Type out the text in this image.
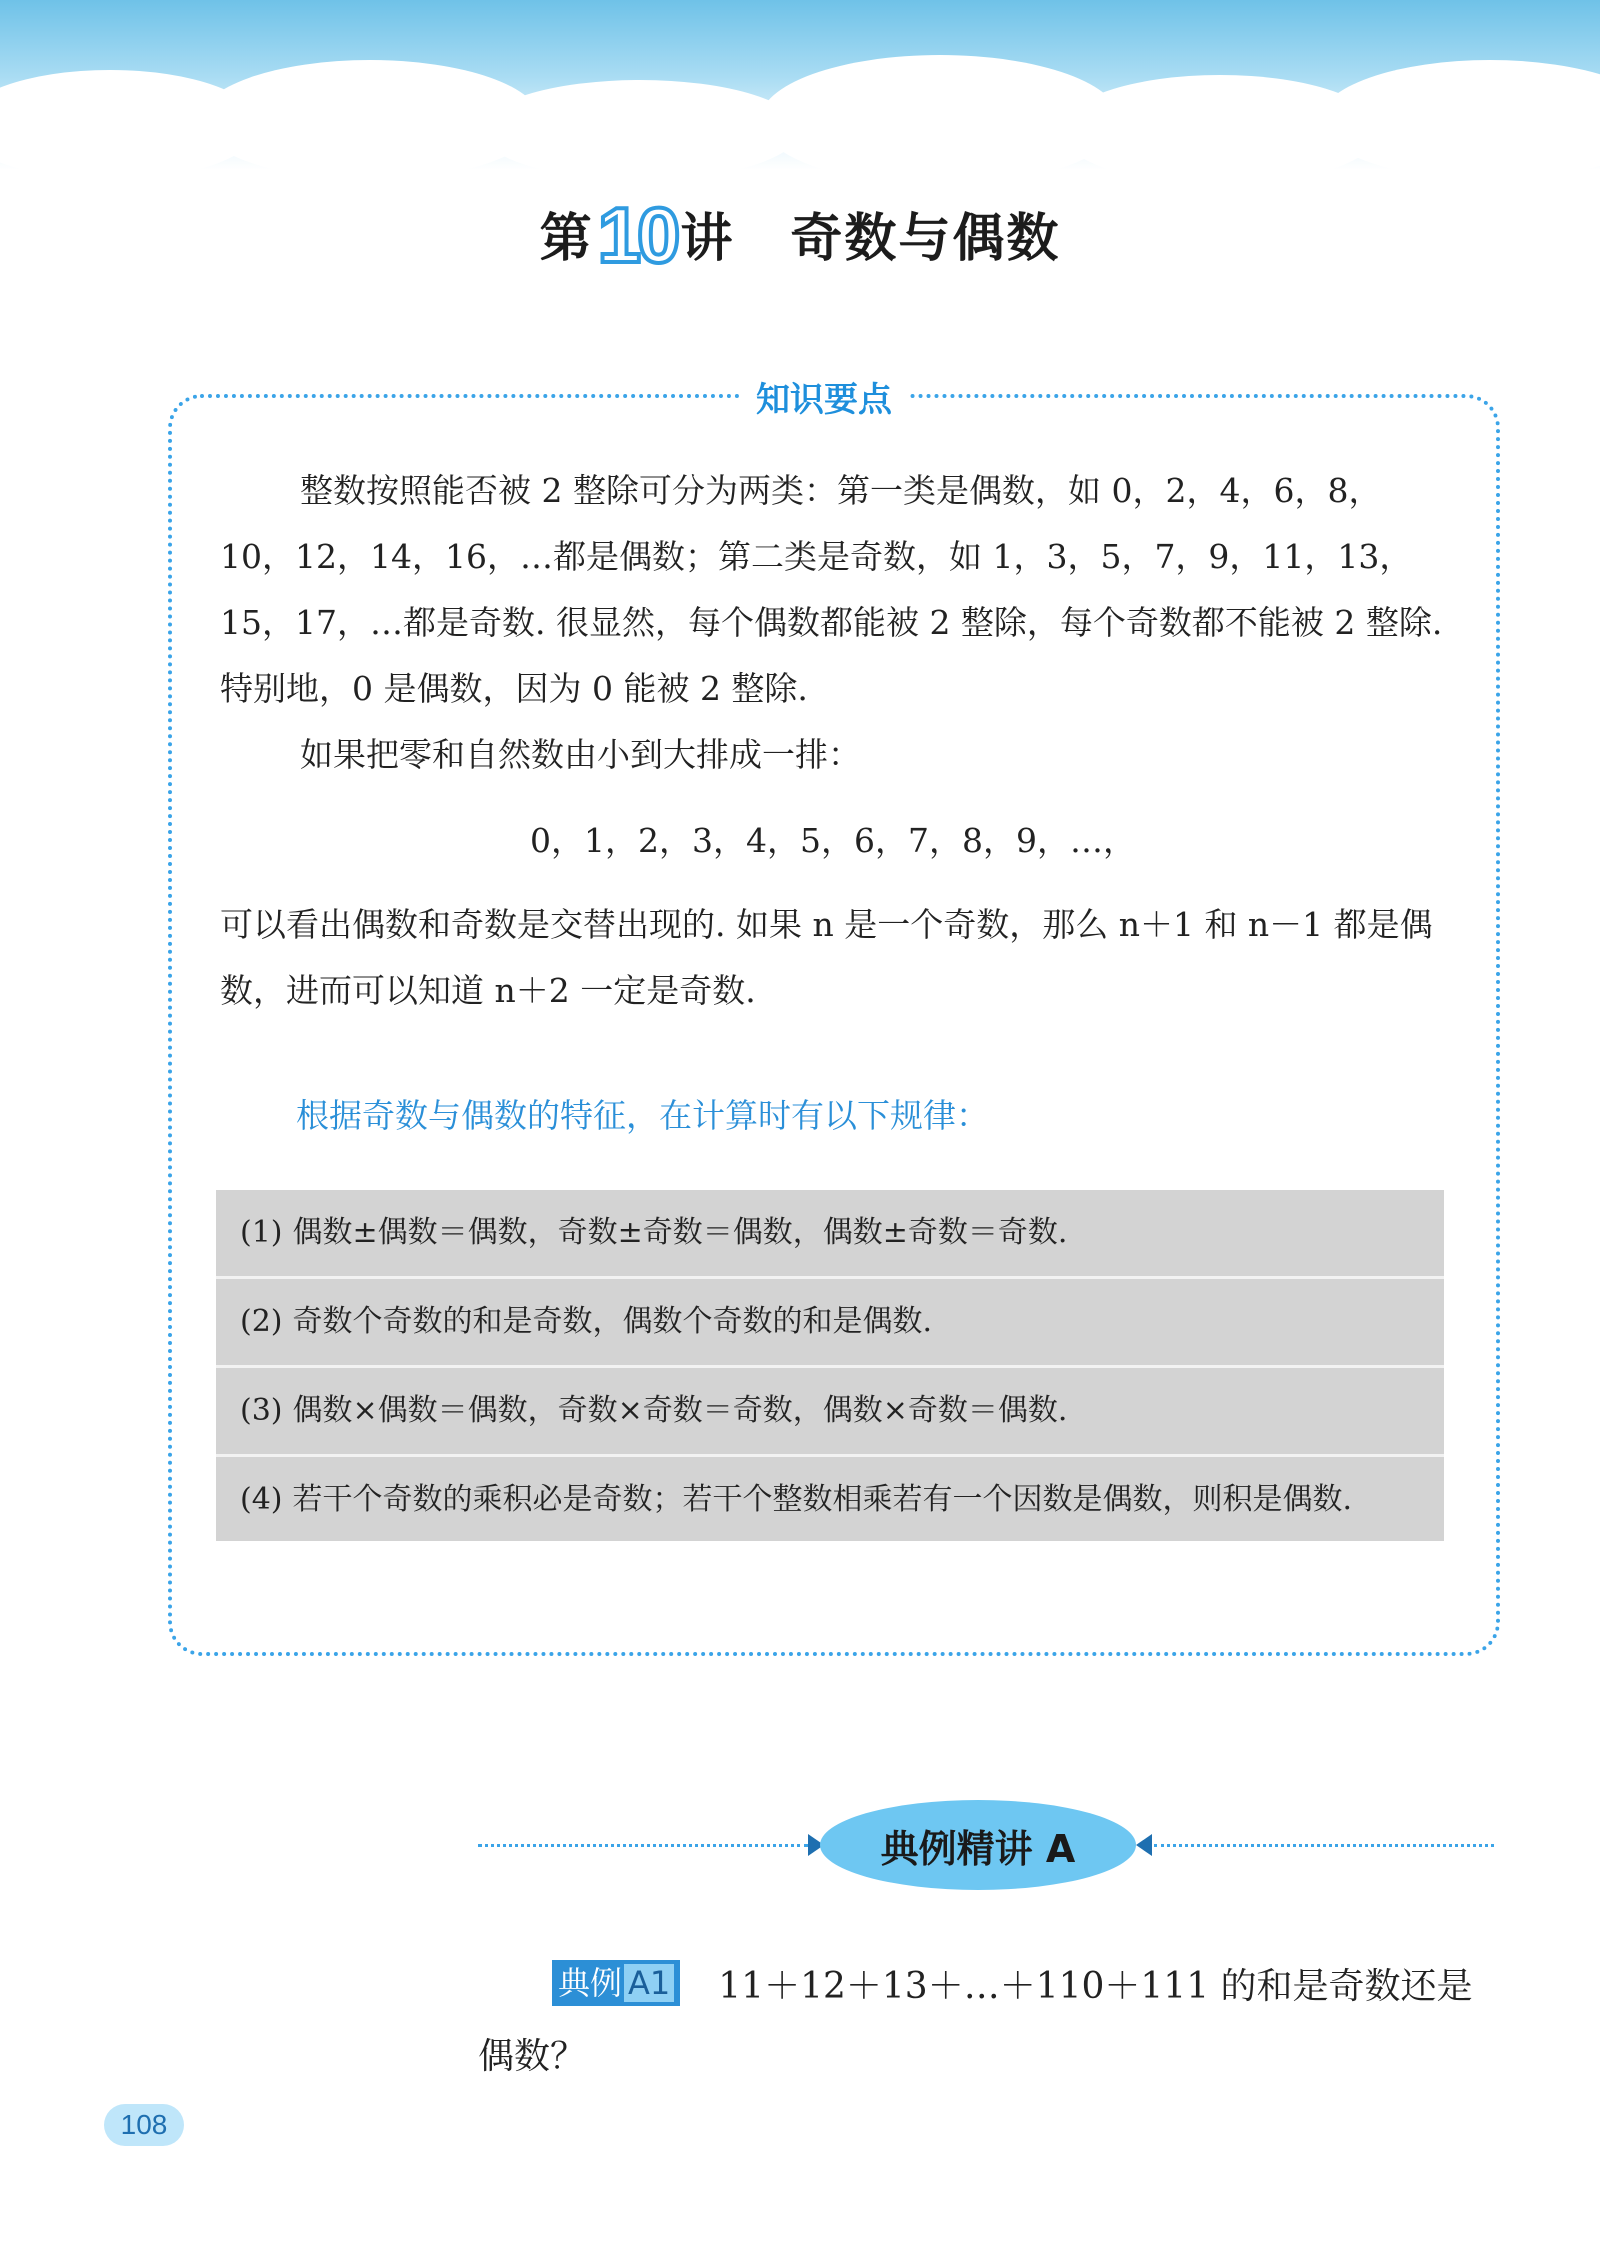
第10讲 奇数与偶数
知识要点
整数按照能否被 2 整除可分为两类：第一类是偶数，如 0，2，4，6，8，10，12，14，16，…都是偶数；第二类是奇数，如 1，3，5，7，9，11，13，15，17，…都是奇数. 很显然，每个偶数都能被 2 整除，每个奇数都不能被 2 整除. 特别地，0 是偶数，因为 0 能被 2 整除.
如果把零和自然数由小到大排成一排：
0，1，2，3，4，5，6，7，8，9，…，
可以看出偶数和奇数是交替出现的. 如果 n 是一个奇数，那么 n＋1 和 n－1 都是偶数，进而可以知道 n＋2 一定是奇数.
根据奇数与偶数的特征，在计算时有以下规律：
(1) 偶数±偶数＝偶数，奇数±奇数＝偶数，偶数±奇数＝奇数.
(2) 奇数个奇数的和是奇数，偶数个奇数的和是偶数.
(3) 偶数×偶数＝偶数，奇数×奇数＝奇数，偶数×奇数＝偶数.
(4) 若干个奇数的乘积必是奇数；若干个整数相乘若有一个因数是偶数，则积是偶数.
典例精讲 A
典例 A1 11＋12＋13＋…＋110＋111 的和是奇数还是偶数？
108
